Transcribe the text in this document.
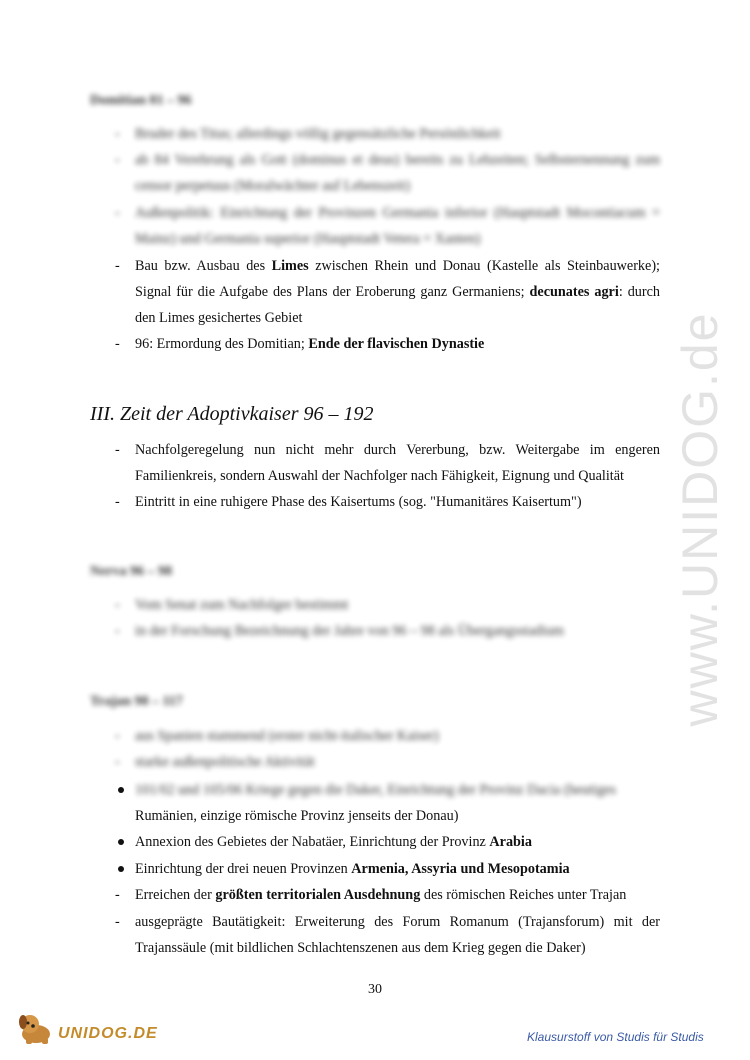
www.UNIDOG.de
Domitian 81 – 96
-	Bruder des Titus; allerdings völlig gegensätzliche Persönlichkeit
-	ab 84 Verehrung als Gott (dominus et deus) bereits zu Lebzeiten; Selbsternennung zum censor perpetuus (Moralwächter auf Lebenszeit)
-	Außenpolitik: Einrichtung der Provinzen Germania inferior (Hauptstadt Mocontiacum = Mainz) und Germania superior (Hauptstadt Vetera = Xanten)
-	Bau bzw. Ausbau des Limes zwischen Rhein und Donau (Kastelle als Steinbauwerke); Signal für die Aufgabe des Plans der Eroberung ganz Germaniens; decunates agri: durch den Limes gesichertes Gebiet
-	96: Ermordung des Domitian; Ende der flavischen Dynastie
III. Zeit der Adoptivkaiser 96 – 192
-	Nachfolgeregelung nun nicht mehr durch Vererbung, bzw. Weitergabe im engeren Familienkreis, sondern Auswahl der Nachfolger nach Fähigkeit, Eignung und Qualität
-	Eintritt in eine ruhigere Phase des Kaisertums (sog. "Humanitäres Kaisertum")
Nerva 96 – 98
-	Vom Senat zum Nachfolger bestimmt
-	in der Forschung Bezeichnung der Jahre von 96 – 98 als Übergangsstadium
Trajan 98 – 117
-	aus Spanien stammend (erster nicht-italischer Kaiser)
-	starke außenpolitische Aktivität
101/02 und 105/06 Kriege gegen die Daker, Einrichtung der Provinz Dacia (heutiges
Rumänien, einzige römische Provinz jenseits der Donau)
Annexion des Gebietes der Nabatäer, Einrichtung der Provinz Arabia
Einrichtung der drei neuen Provinzen Armenia, Assyria und Mesopotamia
-	Erreichen der größten territorialen Ausdehnung des römischen Reiches unter Trajan
-	ausgeprägte Bautätigkeit: Erweiterung des Forum Romanum (Trajansforum) mit der Trajanssäule (mit bildlichen Schlachtenszenen aus dem Krieg gegen die Daker)
30
UNIDOG.DE	Klausurstoff von Studis für Studis
